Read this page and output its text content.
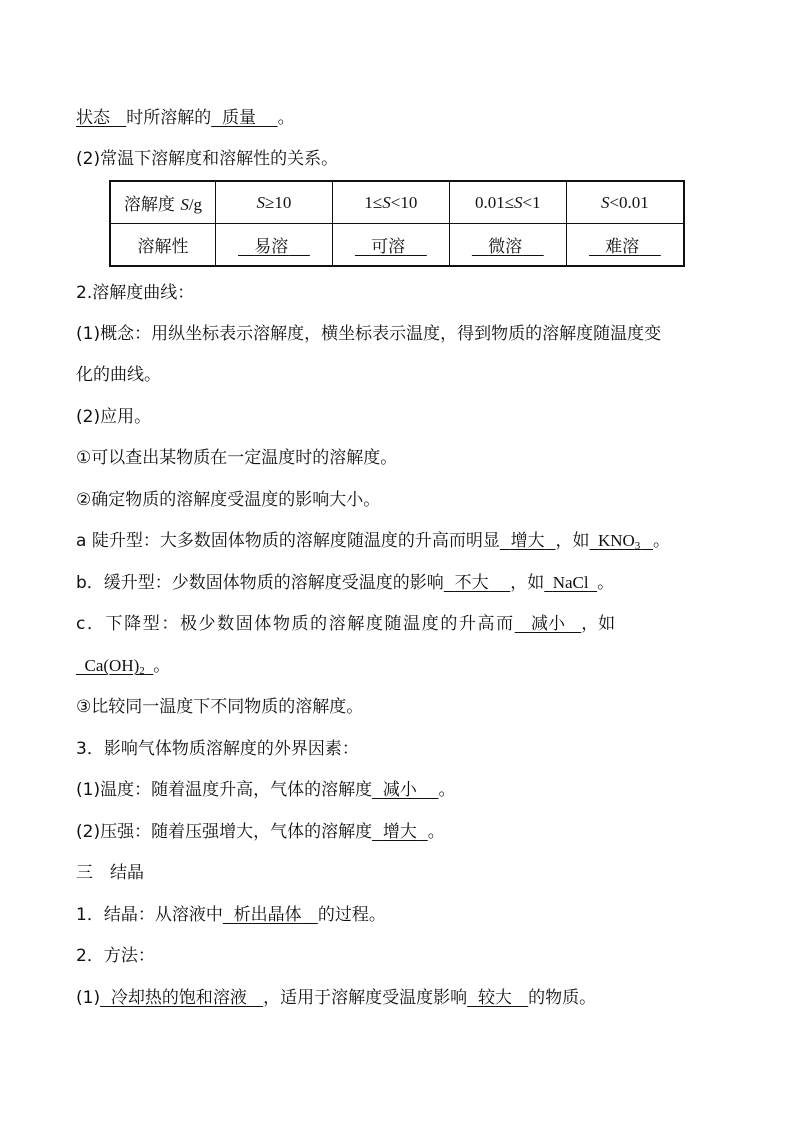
状态 时所溶解的 质量 。
(2)常温下溶解度和溶解性的关系。
溶解度 S/g	S≥10	1≤S<10	0.01≤S<1	S<0.01
溶解性	易溶	可溶	微溶	难溶
2.溶解度曲线：
(1)概念：用纵坐标表示溶解度，横坐标表示温度，得到物质的溶解度随温度变
化的曲线。
(2)应用。
①可以查出某物质在一定温度时的溶解度。
②确定物质的溶解度受温度的影响大小。
a 陡升型：大多数固体物质的溶解度随温度的升高而明显 增大 ，如 $KNO_3$ 。
b．缓升型：少数固体物质的溶解度受温度的影响 不大 ，如 NaCl 。
c．下降型：极少数固体物质的溶解度随温度的升高而 减小 ，如
$Ca(OH)_2$ 。
③比较同一温度下不同物质的溶解度。
3．影响气体物质溶解度的外界因素：
(1)温度：随着温度升高，气体的溶解度 减小 。
(2)压强：随着压强增大，气体的溶解度 增大 。
三　结晶
1．结晶：从溶液中 析出晶体 的过程。
2．方法：
(1) 冷却热的饱和溶液 ，适用于溶解度受温度影响 较大 的物质。
